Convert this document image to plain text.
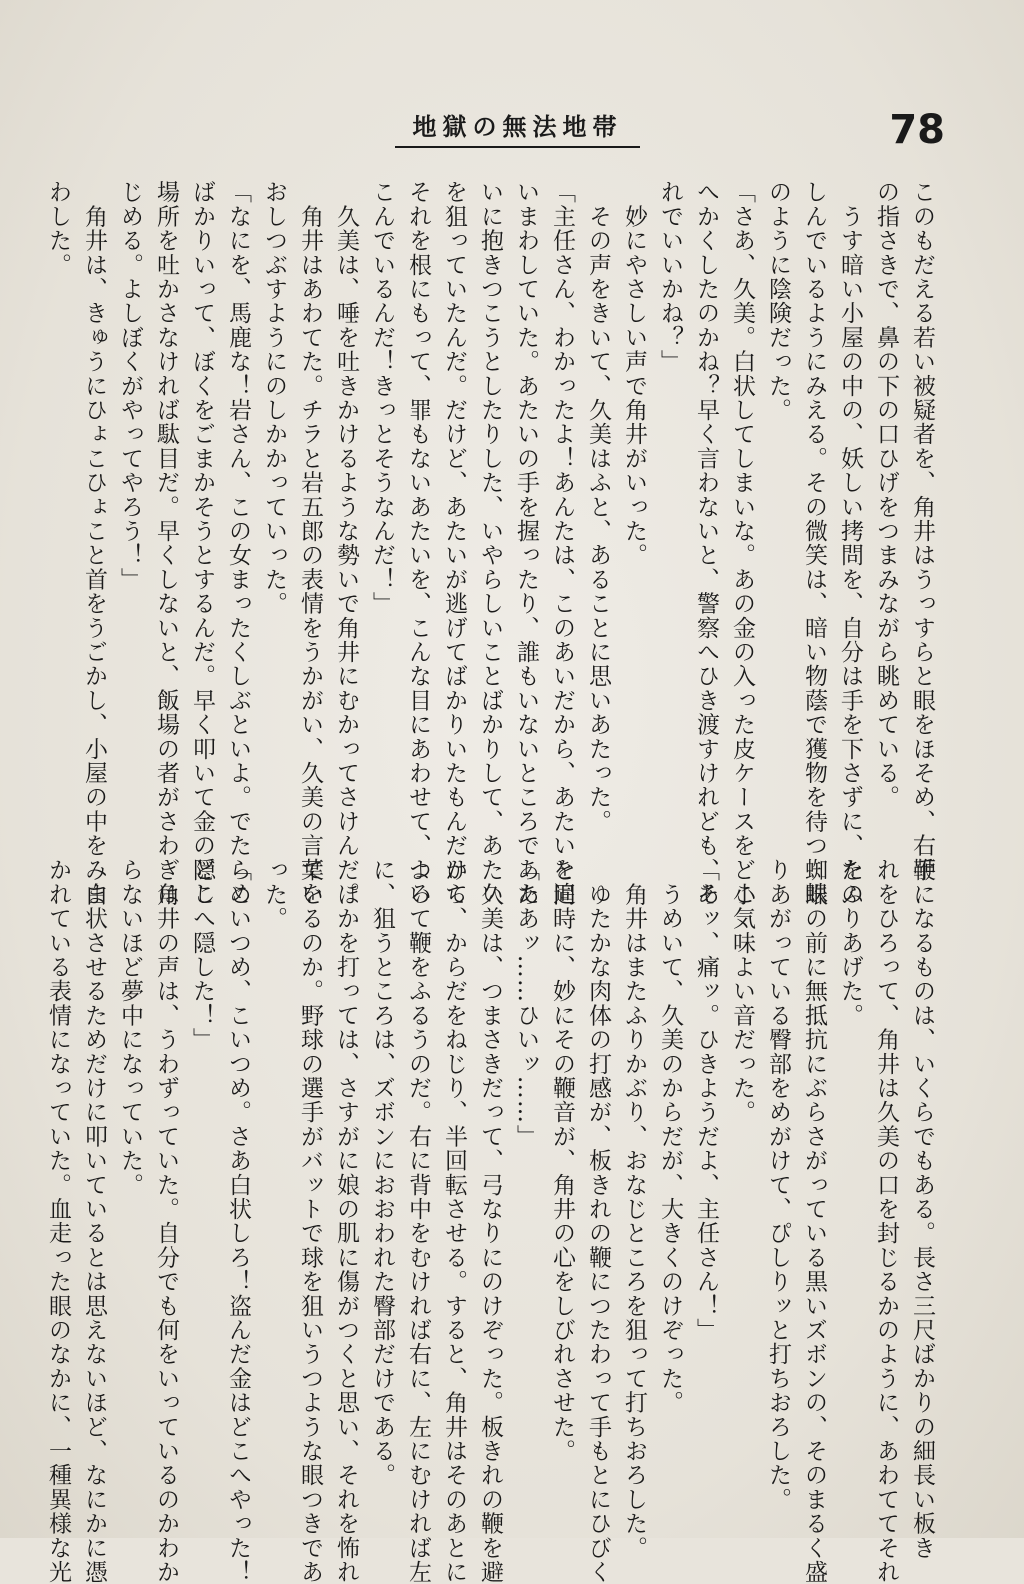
地獄の無法地帯	78

このもだえる若い被疑者を、角井はうっすらと眼をほそめ、右手

の指さきで、鼻の下の口ひげをつまみながら眺めている。

　うす暗い小屋の中の、妖しい拷問を、自分は手を下さずに、たの

しんでいるようにみえる。その微笑は、暗い物蔭で獲物を待つ蜘蛛

のように陰険だった。

「さあ、久美。白状してしまいな。あの金の入った皮ケースをどこ

へかくしたのかね？早く言わないと、警察へひき渡すけれども、そ

れでいいかね？」

　妙にやさしい声で角井がいった。

　その声をきいて、久美はふと、あることに思いあたった。

「主任さん、わかったよ！あんたは、このあいだから、あたいを追

いまわしていた。あたいの手を握ったり、誰もいないところであた

いに抱きつこうとしたりした、いやらしいことばかりして、あたい

を狙っていたんだ。だけど、あたいが逃げてばかりいたもんだから

それを根にもって、罪もないあたいを、こんな目にあわせて、よろ

こんでいるんだ！きっとそうなんだ！」

　久美は、唾を吐きかけるような勢いで角井にむかってさけんだ。

　角井はあわてた。チラと岩五郎の表情をうかがい、久美の言葉を

おしつぶすようにのしかかっていった。

「なにを、馬鹿な！岩さん、この女まったくしぶといよ。でたらめ

ばかりいって、ぼくをごまかそうとするんだ。早く叩いて金の隠し

場所を吐かさなければ駄目だ。早くしないと、飯場の者がさわぎは

じめる。よしぼくがやってやろう！」

　角井は、きゅうにひょこひょこと首をうごかし、小屋の中をみま

わした。

鞭になるものは、いくらでもある。長さ三尺ばかりの細長い板き

れをひろって、角井は久美の口を封じるかのように、あわててそれ

をふりあげた。

　眼の前に無抵抗にぶらさがっている黒いズボンの、そのまるく盛

りあがっている臀部をめがけて、ぴしりッと打ちおろした。

　小気味よい音だった。

「あッ、痛ッ。ひきようだよ、主任さん！」

　うめいて、久美のからだが、大きくのけぞった。

　角井はまたふりかぶり、おなじところを狙って打ちおろした。

　ゆたかな肉体の打感が、板きれの鞭につたわって手もとにひびく

と同時に、妙にその鞭音が、角井の心をしびれさせた。

「ああッ……ひいッ……」

　久美は、つまさきだって、弓なりにのけぞった。板きれの鞭を避

けて、からだをねじり、半回転させる。すると、角井はそのあとに

ついて鞭をふるうのだ。右に背中をむければ右に、左にむければ左

に、狙うところは、ズボンにおおわれた臀部だけである。

　ほかを打っては、さすがに娘の肌に傷がつくと思い、それを怖れ

ているのか。野球の選手がバットで球を狙いうつような眼つきであ

った。

「こいつめ、こいつめ。さあ白状しろ！盗んだ金はどこへやった！

どこへ隠した！」

　角井の声は、うわずっていた。自分でも何をいっているのかわか

らないほど夢中になっていた。

　白状させるためだけに叩いているとは思えないほど、なにかに憑

かれている表情になっていた。血走った眼のなかに、一種異様な光
